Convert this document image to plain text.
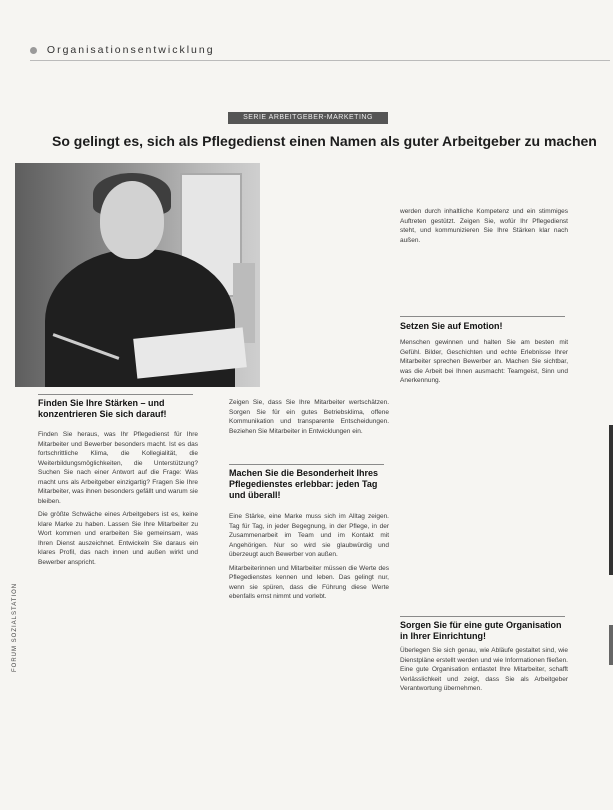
Organisationsentwicklung
SERIE ARBEITGEBER-MARKETING
So gelingt es, sich als Pflegedienst einen Namen als guter Arbeitgeber zu machen
Finden Sie Ihre Stärken – und konzentrieren Sie sich darauf!

Finden Sie heraus, was Ihr Pflegedienst für Ihre Mitarbeiter und Bewerber besonders macht. Ist es das fortschrittliche Klima, die Kollegialität, die Weiterbildungsmöglichkeiten, die Unterstützung? Suchen Sie nach einer Antwort auf die Frage: Was macht uns als Arbeitgeber einzigartig? Fragen Sie Ihre Mitarbeiter, was ihnen besonders gefällt und warum sie bleiben.

Die größte Schwäche eines Arbeitgebers ist es, keine klare Marke zu haben. Lassen Sie Ihre Mitarbeiter zu Wort kommen und erarbeiten Sie gemeinsam, was Ihren Dienst auszeichnet. Entwickeln Sie daraus ein klares Profil, das nach innen und außen wirkt und Bewerber anspricht.

Zeigen Sie, dass Sie Ihre Mitarbeiter wertschätzen. Sorgen Sie für ein gutes Betriebsklima, offene Kommunikation und transparente Entscheidungen. Beziehen Sie Mitarbeiter in Entwicklungen ein.

Machen Sie die Besonderheit Ihres Pflegedienstes erlebbar: jeden Tag und überall!

Eine Stärke, eine Marke muss sich im Alltag zeigen. Tag für Tag, in jeder Begegnung, in der Pflege, in der Zusammenarbeit im Team und im Kontakt mit Angehörigen. Nur so wird sie glaubwürdig und überzeugt auch Bewerber von außen.

Mitarbeiterinnen und Mitarbeiter müssen die Werte des Pflegedienstes kennen und leben. Das gelingt nur, wenn sie spüren, dass die Führung diese Werte ebenfalls ernst nimmt und vorlebt.

werden durch inhaltliche Kompetenz und ein stimmiges Auftreten gestützt. Zeigen Sie, wofür Ihr Pflegedienst steht, und kommunizieren Sie Ihre Stärken klar nach außen.

Setzen Sie auf Emotion!

Menschen gewinnen und halten Sie am besten mit Gefühl. Bilder, Geschichten und echte Erlebnisse Ihrer Mitarbeiter sprechen Bewerber an. Machen Sie sichtbar, was die Arbeit bei Ihnen ausmacht: Teamgeist, Sinn und Anerkennung.

Sorgen Sie für eine gute Organisation in Ihrer Einrichtung!

Überlegen Sie sich genau, wie Abläufe gestaltet sind, wie Dienstpläne erstellt werden und wie Informationen fließen. Eine gute Organisation entlastet Ihre Mitarbeiter, schafft Verlässlichkeit und zeigt, dass Sie als Arbeitgeber Verantwortung übernehmen.

FORUM SOZIALSTATION
